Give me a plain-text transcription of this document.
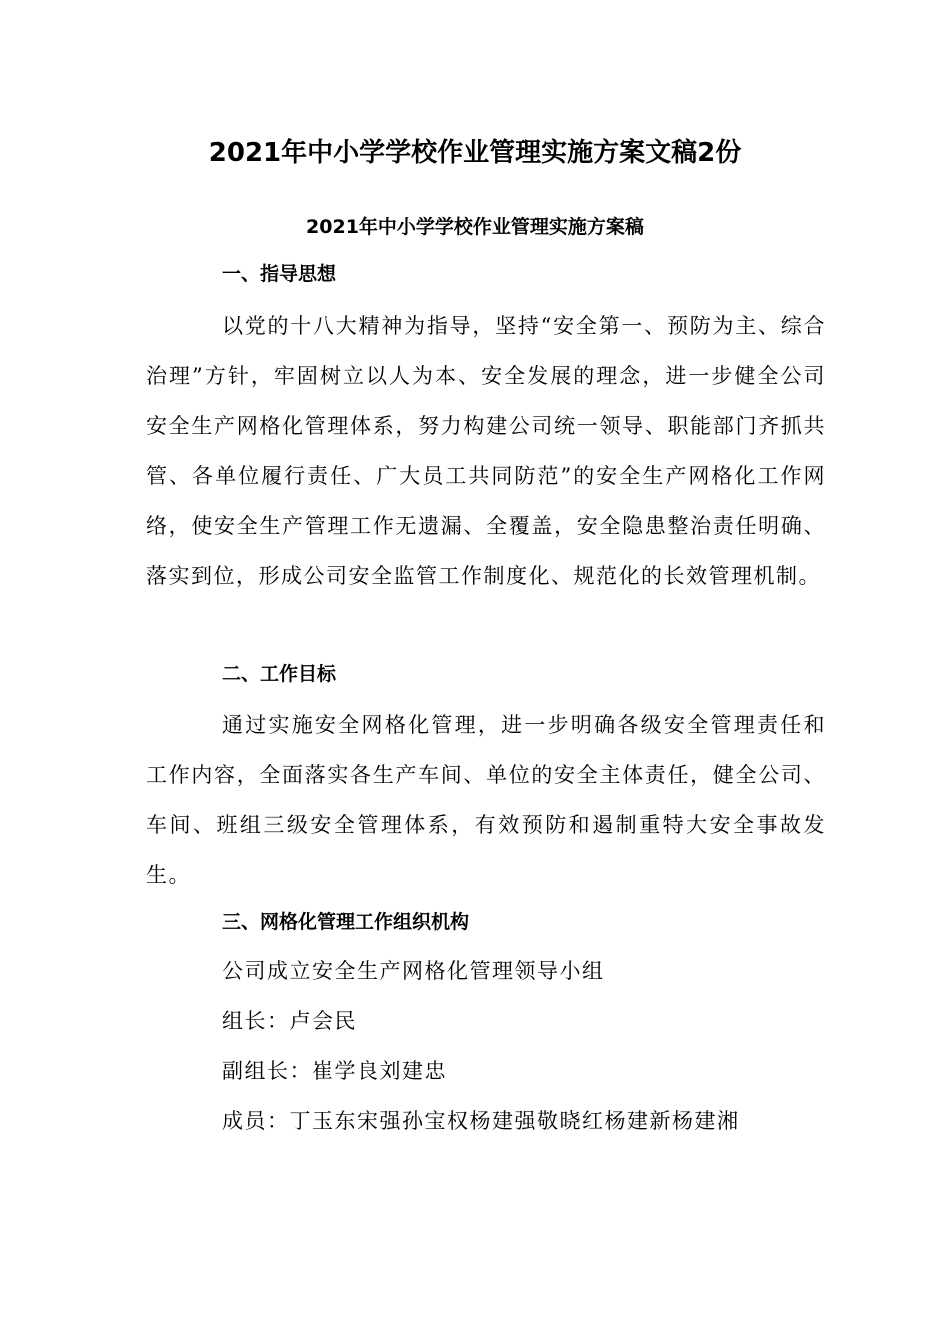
2021年中小学学校作业管理实施方案文稿2份
2021年中小学学校作业管理实施方案稿
一、指导思想

以党的十八大精神为指导，坚持“安全第一、预防为主、综合治理”方针，牢固树立以人为本、安全发展的理念，进一步健全公司安全生产网格化管理体系，努力构建公司统一领导、职能部门齐抓共管、各单位履行责任、广大员工共同防范”的安全生产网格化工作网络，使安全生产管理工作无遗漏、全覆盖，安全隐患整治责任明确、落实到位，形成公司安全监管工作制度化、规范化的长效管理机制。

二、工作目标

通过实施安全网格化管理，进一步明确各级安全管理责任和工作内容，全面落实各生产车间、单位的安全主体责任，健全公司、车间、班组三级安全管理体系，有效预防和遏制重特大安全事故发生。

三、网格化管理工作组织机构
公司成立安全生产网格化管理领导小组
组长：卢会民
副组长：崔学良刘建忠
成员：丁玉东宋强孙宝权杨建强敬晓红杨建新杨建湘
